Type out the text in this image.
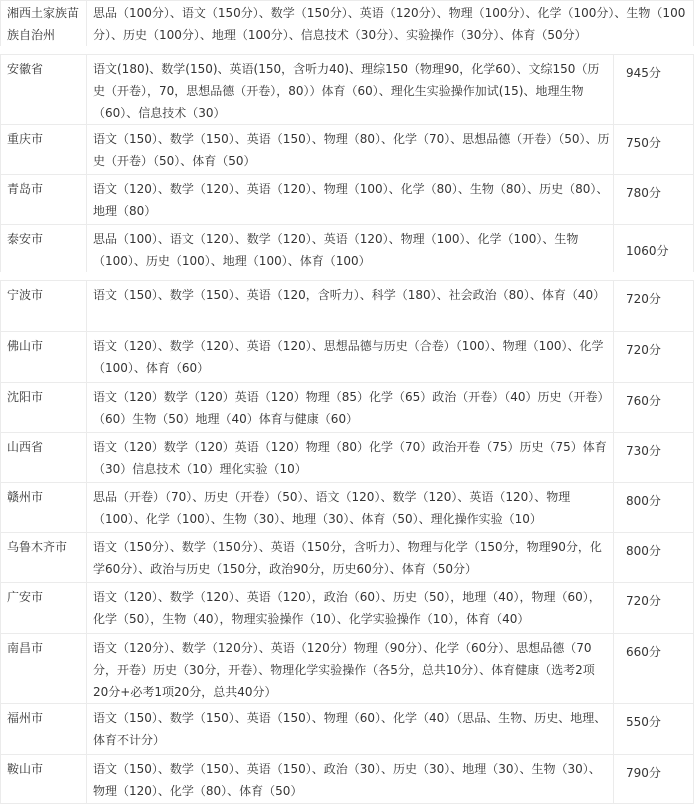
湘西土家族苗族自治州	思品（100分）、语文（150分）、数学（150分）、英语（120分）、物理（100分）、化学（100分）、生物（100分）、历史（100分）、地理（100分）、信息技术（30分）、实验操作（30分）、体育（50分）
安徽省	语文(180)、数学(150)、英语(150，含听力40)、理综150（物理90，化学60）、文综150（历史（开卷），70，思想品德（开卷），80））体育（60）、理化生实验操作加试(15)、地理生物（60）、信息技术（30）	945分
重庆市	语文（150）、数学（150）、英语（150）、物理（80）、化学（70）、思想品德（开卷）（50）、历史（开卷）（50）、体育（50）	750分
青岛市	语文（120）、数学（120）、英语（120）、物理（100）、化学（80）、生物（80）、历史（80）、地理（80）	780分
泰安市	思品（100）、语文（120）、数学（120）、英语（120）、物理（100）、化学（100）、生物（100）、历史（100）、地理（100）、体育（100）	1060分
宁波市	语文（150）、数学（150）、英语（120，含听力）、科学（180）、社会政治（80）、体育（40）	720分
佛山市	语文（120）、数学（120）、英语（120）、思想品德与历史（合卷）（100）、物理（100）、化学（100）、体育（60）	720分
沈阳市	语文（120）数学（120）英语（120）物理（85）化学（65）政治（开卷）（40）历史（开卷）（60）生物（50）地理（40）体育与健康（60）	760分
山西省	语文（120）数学（120）英语（120）物理（80）化学（70）政治开卷（75）历史（75）体育（30）信息技术（10）理化实验（10）	730分
赣州市	思品（开卷）（70）、历史（开卷）（50）、语文（120）、数学（120）、英语（120）、物理（100）、化学（100）、生物（30）、地理（30）、体育（50）、理化操作实验（10）	800分
乌鲁木齐市	语文（150分）、数学（150分）、英语（150分，含听力）、物理与化学（150分，物理90分，化学60分）、政治与历史（150分，政治90分，历史60分）、体育（50分）	800分
广安市	语文（120）、数学（120）、英语（120），政治（60）、历史（50），地理（40），物理（60），化学（50），生物（40），物理实验操作（10）、化学实验操作（10），体育（40）	720分
南昌市	语文（120分）、数学（120分）、英语（120分）物理（90分）、化学（60分）、思想品德（70分，开卷）历史（30分，开卷）、物理化学实验操作（各5分，总共10分）、体育健康（选考2项20分+必考1项20分，总共40分）	660分
福州市	语文（150）、数学（150）、英语（150）、物理（60）、化学（40）（思品、生物、历史、地理、体育不计分）	550分
鞍山市	语文（150）、数学（150）、英语（150）、政治（30）、历史（30）、地理（30）、生物（30）、物理（120）、化学（80）、体育（50）	790分
